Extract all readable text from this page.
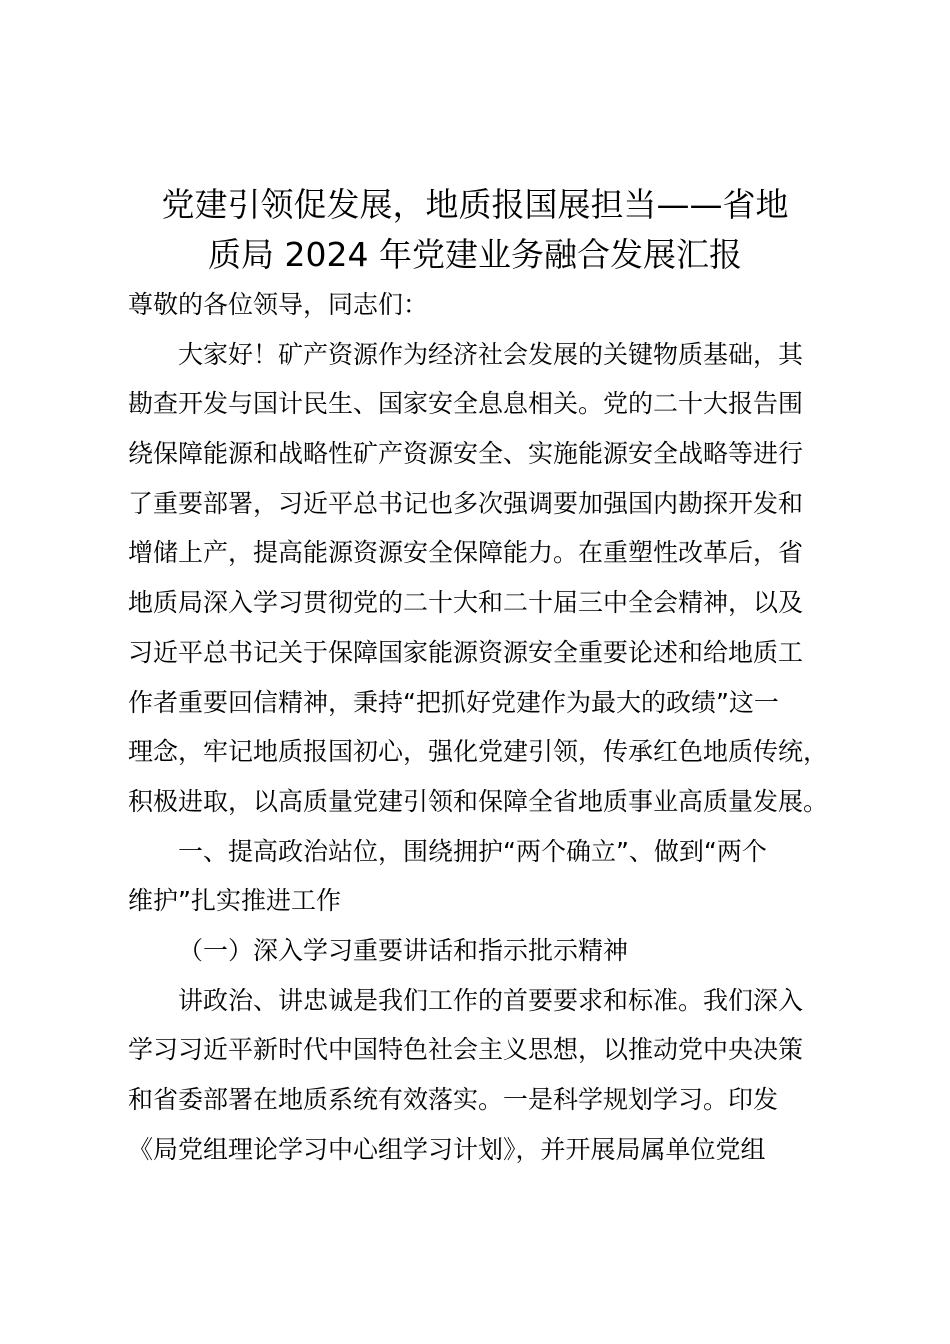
党建引领促发展，地质报国展担当——省地
质局 2024 年党建业务融合发展汇报
尊敬的各位领导，同志们：
大家好！矿产资源作为经济社会发展的关键物质基础，其
勘查开发与国计民生、国家安全息息相关。党的二十大报告围
绕保障能源和战略性矿产资源安全、实施能源安全战略等进行
了重要部署，习近平总书记也多次强调要加强国内勘探开发和
增储上产，提高能源资源安全保障能力。在重塑性改革后，省
地质局深入学习贯彻党的二十大和二十届三中全会精神，以及
习近平总书记关于保障国家能源资源安全重要论述和给地质工
作者重要回信精神，秉持“把抓好党建作为最大的政绩”这一
理念，牢记地质报国初心，强化党建引领，传承红色地质传统，
积极进取，以高质量党建引领和保障全省地质事业高质量发展。
一、提高政治站位，围绕拥护“两个确立”、做到“两个
维护”扎实推进工作
（一）深入学习重要讲话和指示批示精神
讲政治、讲忠诚是我们工作的首要要求和标准。我们深入
学习习近平新时代中国特色社会主义思想，以推动党中央决策
和省委部署在地质系统有效落实。一是科学规划学习。印发
《局党组理论学习中心组学习计划》，并开展局属单位党组
